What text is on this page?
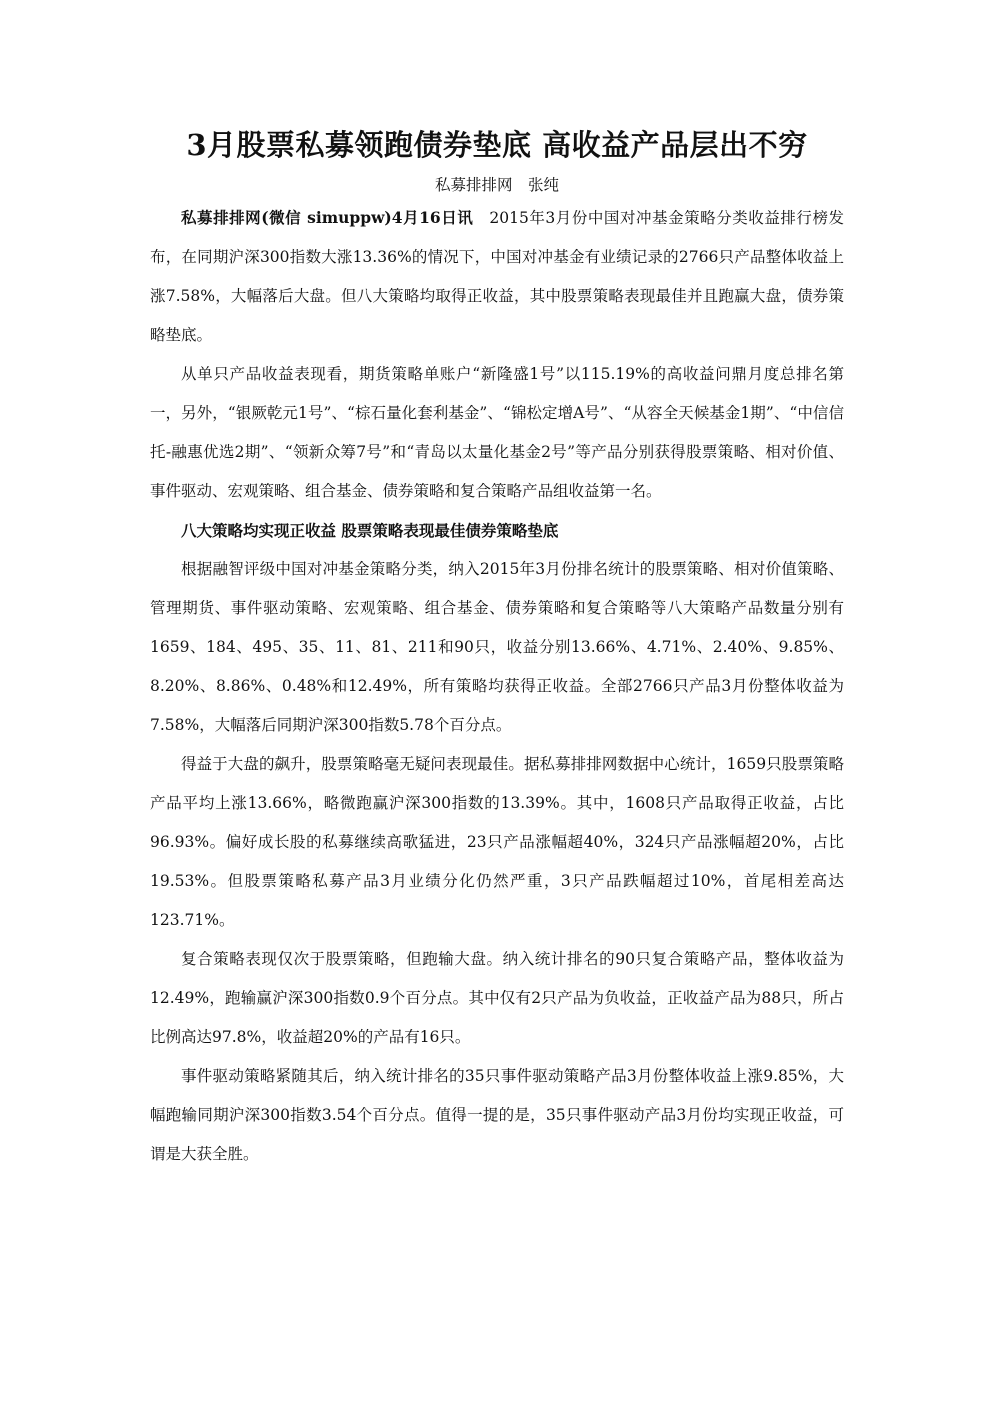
3月股票私募领跑债券垫底 高收益产品层出不穷

私募排排网　张纯

私募排排网(微信 simuppw)4月16日讯　2015年3月份中国对冲基金策略分类收益排行榜发布，在同期沪深300指数大涨13.36%的情况下，中国对冲基金有业绩记录的2766只产品整体收益上涨7.58%，大幅落后大盘。但八大策略均取得正收益，其中股票策略表现最佳并且跑赢大盘，债券策略垫底。

从单只产品收益表现看，期货策略单账户“新隆盛1号”以115.19%的高收益问鼎月度总排名第一，另外，“银厥乾元1号”、“棕石量化套利基金”、“锦松定增A号”、“从容全天候基金1期”、“中信信托-融惠优选2期”、“领新众筹7号”和“青岛以太量化基金2号”等产品分别获得股票策略、相对价值、事件驱动、宏观策略、组合基金、债券策略和复合策略产品组收益第一名。

八大策略均实现正收益 股票策略表现最佳债券策略垫底

根据融智评级中国对冲基金策略分类，纳入2015年3月份排名统计的股票策略、相对价值策略、管理期货、事件驱动策略、宏观策略、组合基金、债券策略和复合策略等八大策略产品数量分别有1659、184、495、35、11、81、211和90只，收益分别13.66%、4.71%、2.40%、9.85%、8.20%、8.86%、0.48%和12.49%，所有策略均获得正收益。全部2766只产品3月份整体收益为7.58%，大幅落后同期沪深300指数5.78个百分点。

得益于大盘的飙升，股票策略毫无疑问表现最佳。据私募排排网数据中心统计，1659只股票策略产品平均上涨13.66%，略微跑赢沪深300指数的13.39%。其中，1608只产品取得正收益，占比96.93%。偏好成长股的私募继续高歌猛进，23只产品涨幅超40%，324只产品涨幅超20%，占比19.53%。但股票策略私募产品3月业绩分化仍然严重，3只产品跌幅超过10%，首尾相差高达123.71%。

复合策略表现仅次于股票策略，但跑输大盘。纳入统计排名的90只复合策略产品，整体收益为12.49%，跑输赢沪深300指数0.9个百分点。其中仅有2只产品为负收益，正收益产品为88只，所占比例高达97.8%，收益超20%的产品有16只。

事件驱动策略紧随其后，纳入统计排名的35只事件驱动策略产品3月份整体收益上涨9.85%，大幅跑输同期沪深300指数3.54个百分点。值得一提的是，35只事件驱动产品3月份均实现正收益，可谓是大获全胜。
